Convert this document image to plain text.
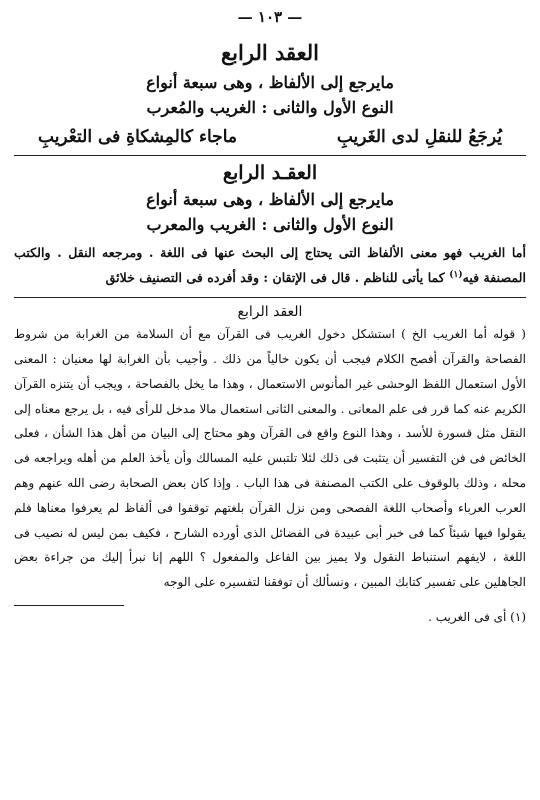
— ١٠٣ —
العقد الرابع
مايرجع إلى الألفاظ ، وهى سبعة أنواع
النوع الأول والثانى : الغريب والمُعرب
يُرجَعُ للنقلِ لدى الغَريبِ
ماجاء كالمِشكاةِ فى التعْريبِ
العقـد الرابع
مايرجع إلى الألفاظ ، وهى سبعة أنواع
النوع الأول والثانى : الغريب والمعرب
أما الغريب فهو معنى الألفاظ التى يحتاج إلى البحث عنها فى اللغة . ومرجعه النقل . والكتب المصنفة فيه$^{(١)}$ كما يأتى للناظم . قال فى الإتقان : وقد أفرده فى التصنيف خلائق
العقد الرابع

( قوله أما الغريب الخ ) استشكل دخول الغريب فى القرآن مع أن السلامة من الغرابة من شروط الفصاحة والقرآن أفصح الكلام فيجب أن يكون خالياً من ذلك . وأجيب بأن الغرابة لها معنيان : المعنى الأول استعمال اللفظ الوحشى غير المأنوس الاستعمال ، وهذا ما يخل بالفصاحة ، ويجب أن يتنزه القرآن الكريم عنه كما قرر فى علم المعانى . والمعنى الثانى استعمال مالا مدخل للرأى فيه ، بل يرجع معناه إلى النقل مثل قسورة للأسد ، وهذا النوع واقع فى القرآن وهو محتاج إلى البيان من أهل هذا الشأن ، فعلى الخائض فى فن التفسير أن يتثبت فى ذلك لئلا تلتبس عليه المسالك وأن يأخذ العلم من أهله ويراجعه فى محله ، وذلك بالوقوف على الكتب المصنفة فى هذا الباب . وإذا كان بعض الصحابة رضى الله عنهم وهم العرب العرباء وأصحاب اللغة الفصحى ومن نزل القرآن بلغتهم توقفوا فى ألفاظ لم يعرفوا معناها فلم يقولوا فيها شيئاً كما فى خبر أبى عبيدة فى الفضائل الذى أورده الشارح ، فكيف بمن ليس له نصيب فى اللغة ، لايفهم استنباط النقول ولا يميز بين الفاعل والمفعول ؟ اللهم إنا نبرأ إليك من جراءة بعض الجاهلين على تفسير كتابك المبين ، ونسألك أن توفقنا لتفسيره على الوجه

(١) أى فى الغريب .
